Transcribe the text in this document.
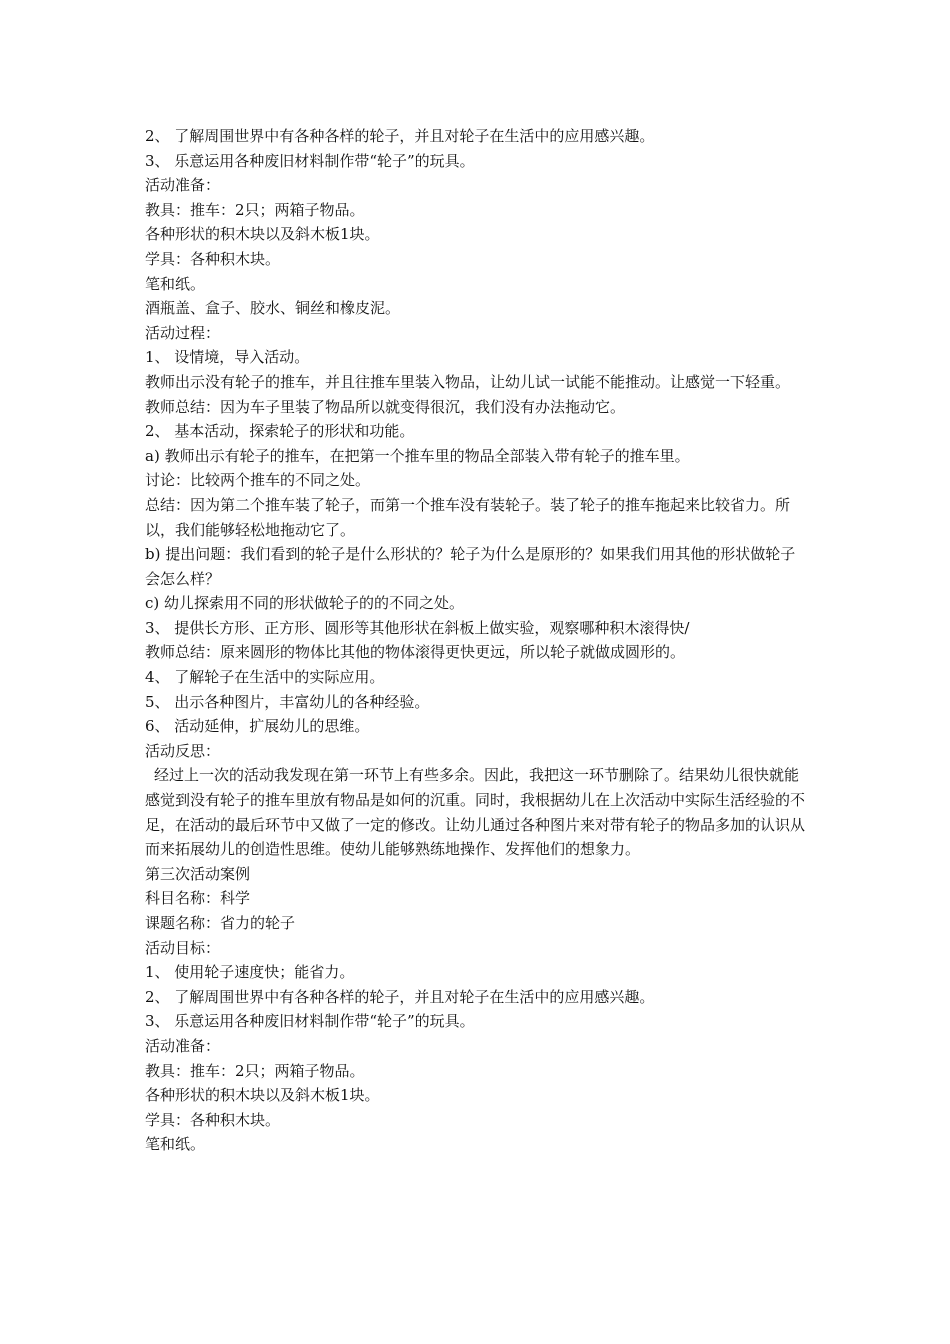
2、 了解周围世界中有各种各样的轮子，并且对轮子在生活中的应用感兴趣。

3、 乐意运用各种废旧材料制作带“轮子”的玩具。

活动准备：

教具：推车：2只；两箱子物品。

各种形状的积木块以及斜木板1块。

学具：各种积木块。

笔和纸。

酒瓶盖、盒子、胶水、铜丝和橡皮泥。

活动过程：

1、 设情境，导入活动。

教师出示没有轮子的推车，并且往推车里装入物品，让幼儿试一试能不能推动。让感觉一下轻重。

教师总结：因为车子里装了物品所以就变得很沉，我们没有办法拖动它。

2、 基本活动，探索轮子的形状和功能。

a) 教师出示有轮子的推车，在把第一个推车里的物品全部装入带有轮子的推车里。

讨论：比较两个推车的不同之处。

总结：因为第二个推车装了轮子，而第一个推车没有装轮子。装了轮子的推车拖起来比较省力。所以，我们能够轻松地拖动它了。

b) 提出问题：我们看到的轮子是什么形状的？轮子为什么是原形的？如果我们用其他的形状做轮子会怎么样？

c) 幼儿探索用不同的形状做轮子的的不同之处。

3、 提供长方形、正方形、圆形等其他形状在斜板上做实验，观察哪种积木滚得快/

教师总结：原来圆形的物体比其他的物体滚得更快更远，所以轮子就做成圆形的。

4、 了解轮子在生活中的实际应用。

5、 出示各种图片，丰富幼儿的各种经验。

6、 活动延伸，扩展幼儿的思维。

活动反思：

经过上一次的活动我发现在第一环节上有些多余。因此，我把这一环节删除了。结果幼儿很快就能感觉到没有轮子的推车里放有物品是如何的沉重。同时，我根据幼儿在上次活动中实际生活经验的不足，在活动的最后环节中又做了一定的修改。让幼儿通过各种图片来对带有轮子的物品多加的认识从而来拓展幼儿的创造性思维。使幼儿能够熟练地操作、发挥他们的想象力。

第三次活动案例

科目名称：科学

课题名称：省力的轮子

活动目标：

1、 使用轮子速度快；能省力。

2、 了解周围世界中有各种各样的轮子，并且对轮子在生活中的应用感兴趣。

3、 乐意运用各种废旧材料制作带“轮子”的玩具。

活动准备：

教具：推车：2只；两箱子物品。

各种形状的积木块以及斜木板1块。

学具：各种积木块。

笔和纸。
